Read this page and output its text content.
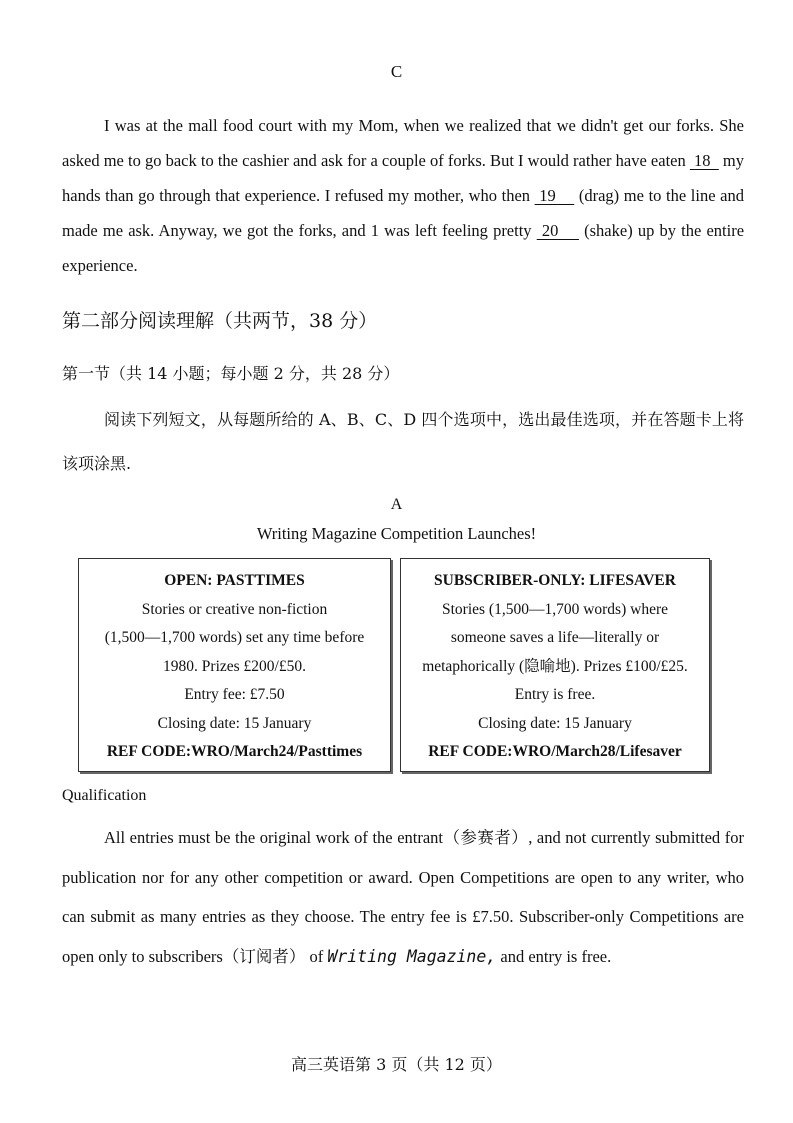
C
I was at the mall food court with my Mom, when we realized that we didn't get our forks. She asked me to go back to the cashier and ask for a couple of forks. But I would rather have eaten  18   my hands than go through that experience. I refused my mother, who then  19     (drag) me to the line and made me ask. Anyway, we got the forks, and 1 was left feeling pretty  20     (shake) up by the entire experience.
第二部分阅读理解（共两节，38 分）
第一节（共 14 小题；每小题 2 分，共 28 分）
阅读下列短文，从每题所给的 A、B、C、D 四个选项中，选出最佳选项，并在答题卡上将该项涂黑.
A
Writing Magazine Competition Launches!
OPEN: PASTTIMES
Stories or creative non-fiction
(1,500—1,700 words) set any time before
1980. Prizes £200/£50.
Entry fee: £7.50
Closing date: 15 January
REF CODE:WRO/March24/Pasttimes
SUBSCRIBER-ONLY: LIFESAVER
Stories (1,500—1,700 words) where
someone saves a life—literally or
metaphorically (隐喻地). Prizes £100/£25.
Entry is free.
Closing date: 15 January
REF CODE:WRO/March28/Lifesaver
Qualification
All entries must be the original work of the entrant（参赛者）, and not currently submitted for publication nor for any other competition or award. Open Competitions are open to any writer, who can submit as many entries as they choose. The entry fee is £7.50. Subscriber-only Competitions are open only to subscribers（订阅者） of Writing Magazine, and entry is free.
高三英语第 3 页（共 12 页）
